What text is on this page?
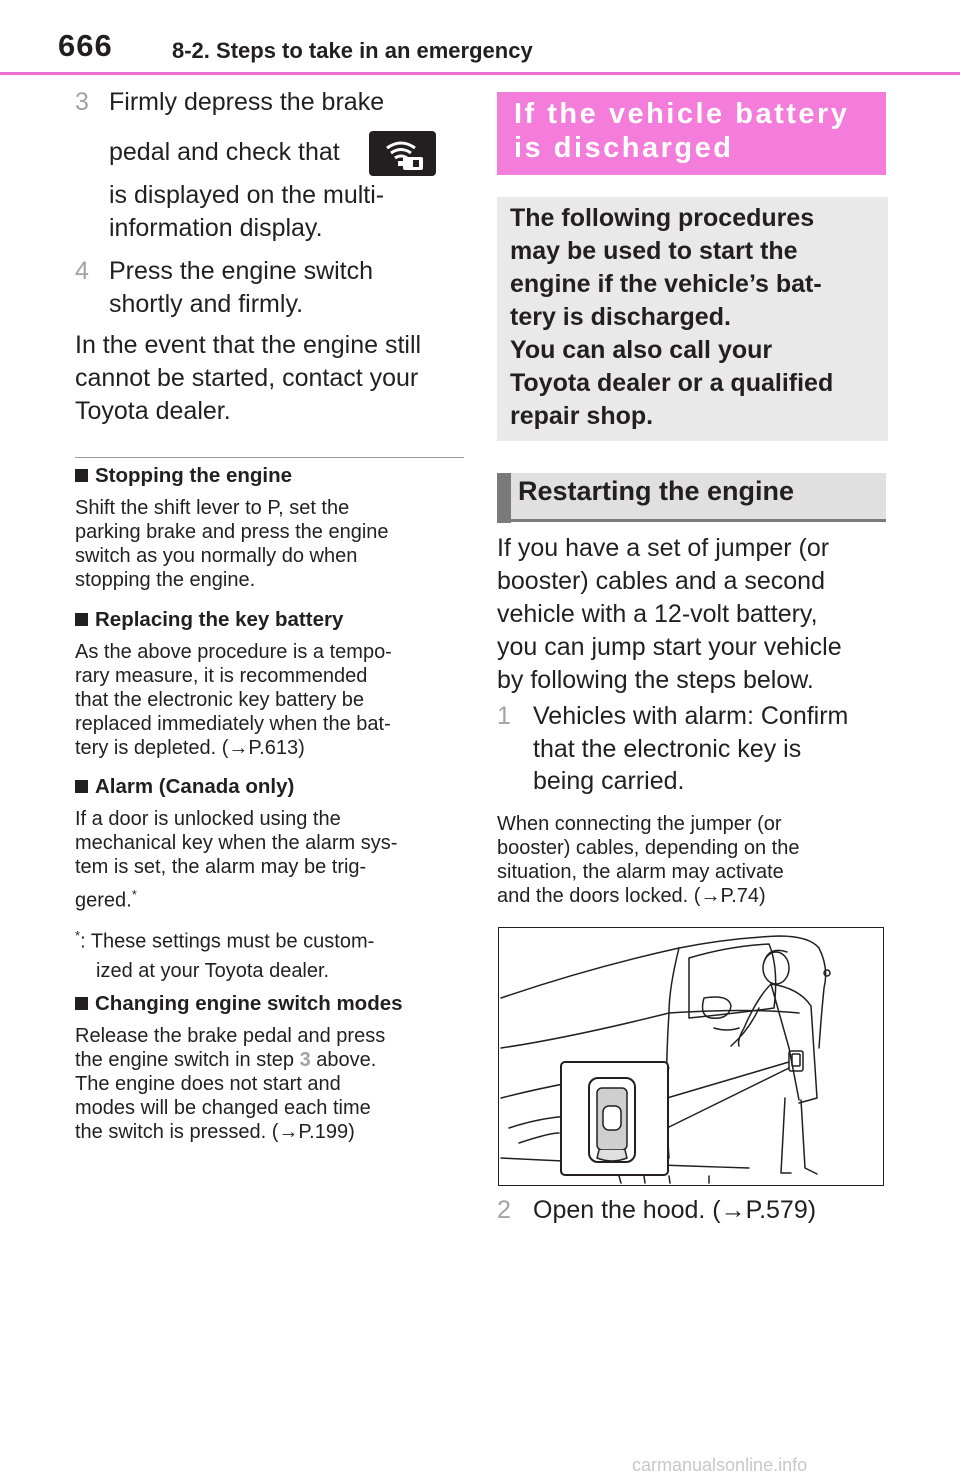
666	8-2. Steps to take in an emergency
3 Firmly depress the brake
pedal and check that
is displayed on the multi-
information display.
4 Press the engine switch
shortly and firmly.
In the event that the engine still
cannot be started, contact your
Toyota dealer.
Stopping the engine
Shift the shift lever to P, set the
parking brake and press the engine
switch as you normally do when
stopping the engine.
Replacing the key battery
As the above procedure is a tempo-
rary measure, it is recommended
that the electronic key battery be
replaced immediately when the bat-
tery is depleted. (→P.613)
Alarm (Canada only)
If a door is unlocked using the
mechanical key when the alarm sys-
tem is set, the alarm may be trig-
gered.*
*: These settings must be custom-
ized at your Toyota dealer.
Changing engine switch modes
Release the brake pedal and press
the engine switch in step 3 above.
The engine does not start and
modes will be changed each time
the switch is pressed. (→P.199)
If the vehicle battery
is discharged
The following procedures
may be used to start the
engine if the vehicle’s bat-
tery is discharged.
You can also call your
Toyota dealer or a qualified
repair shop.
Restarting the engine
If you have a set of jumper (or
booster) cables and a second
vehicle with a 12-volt battery,
you can jump start your vehicle
by following the steps below.
1 Vehicles with alarm: Confirm
that the electronic key is
being carried.
When connecting the jumper (or
booster) cables, depending on the
situation, the alarm may activate
and the doors locked. (→P.74)
2 Open the hood. (→P.579)
carmanualsonline.info
